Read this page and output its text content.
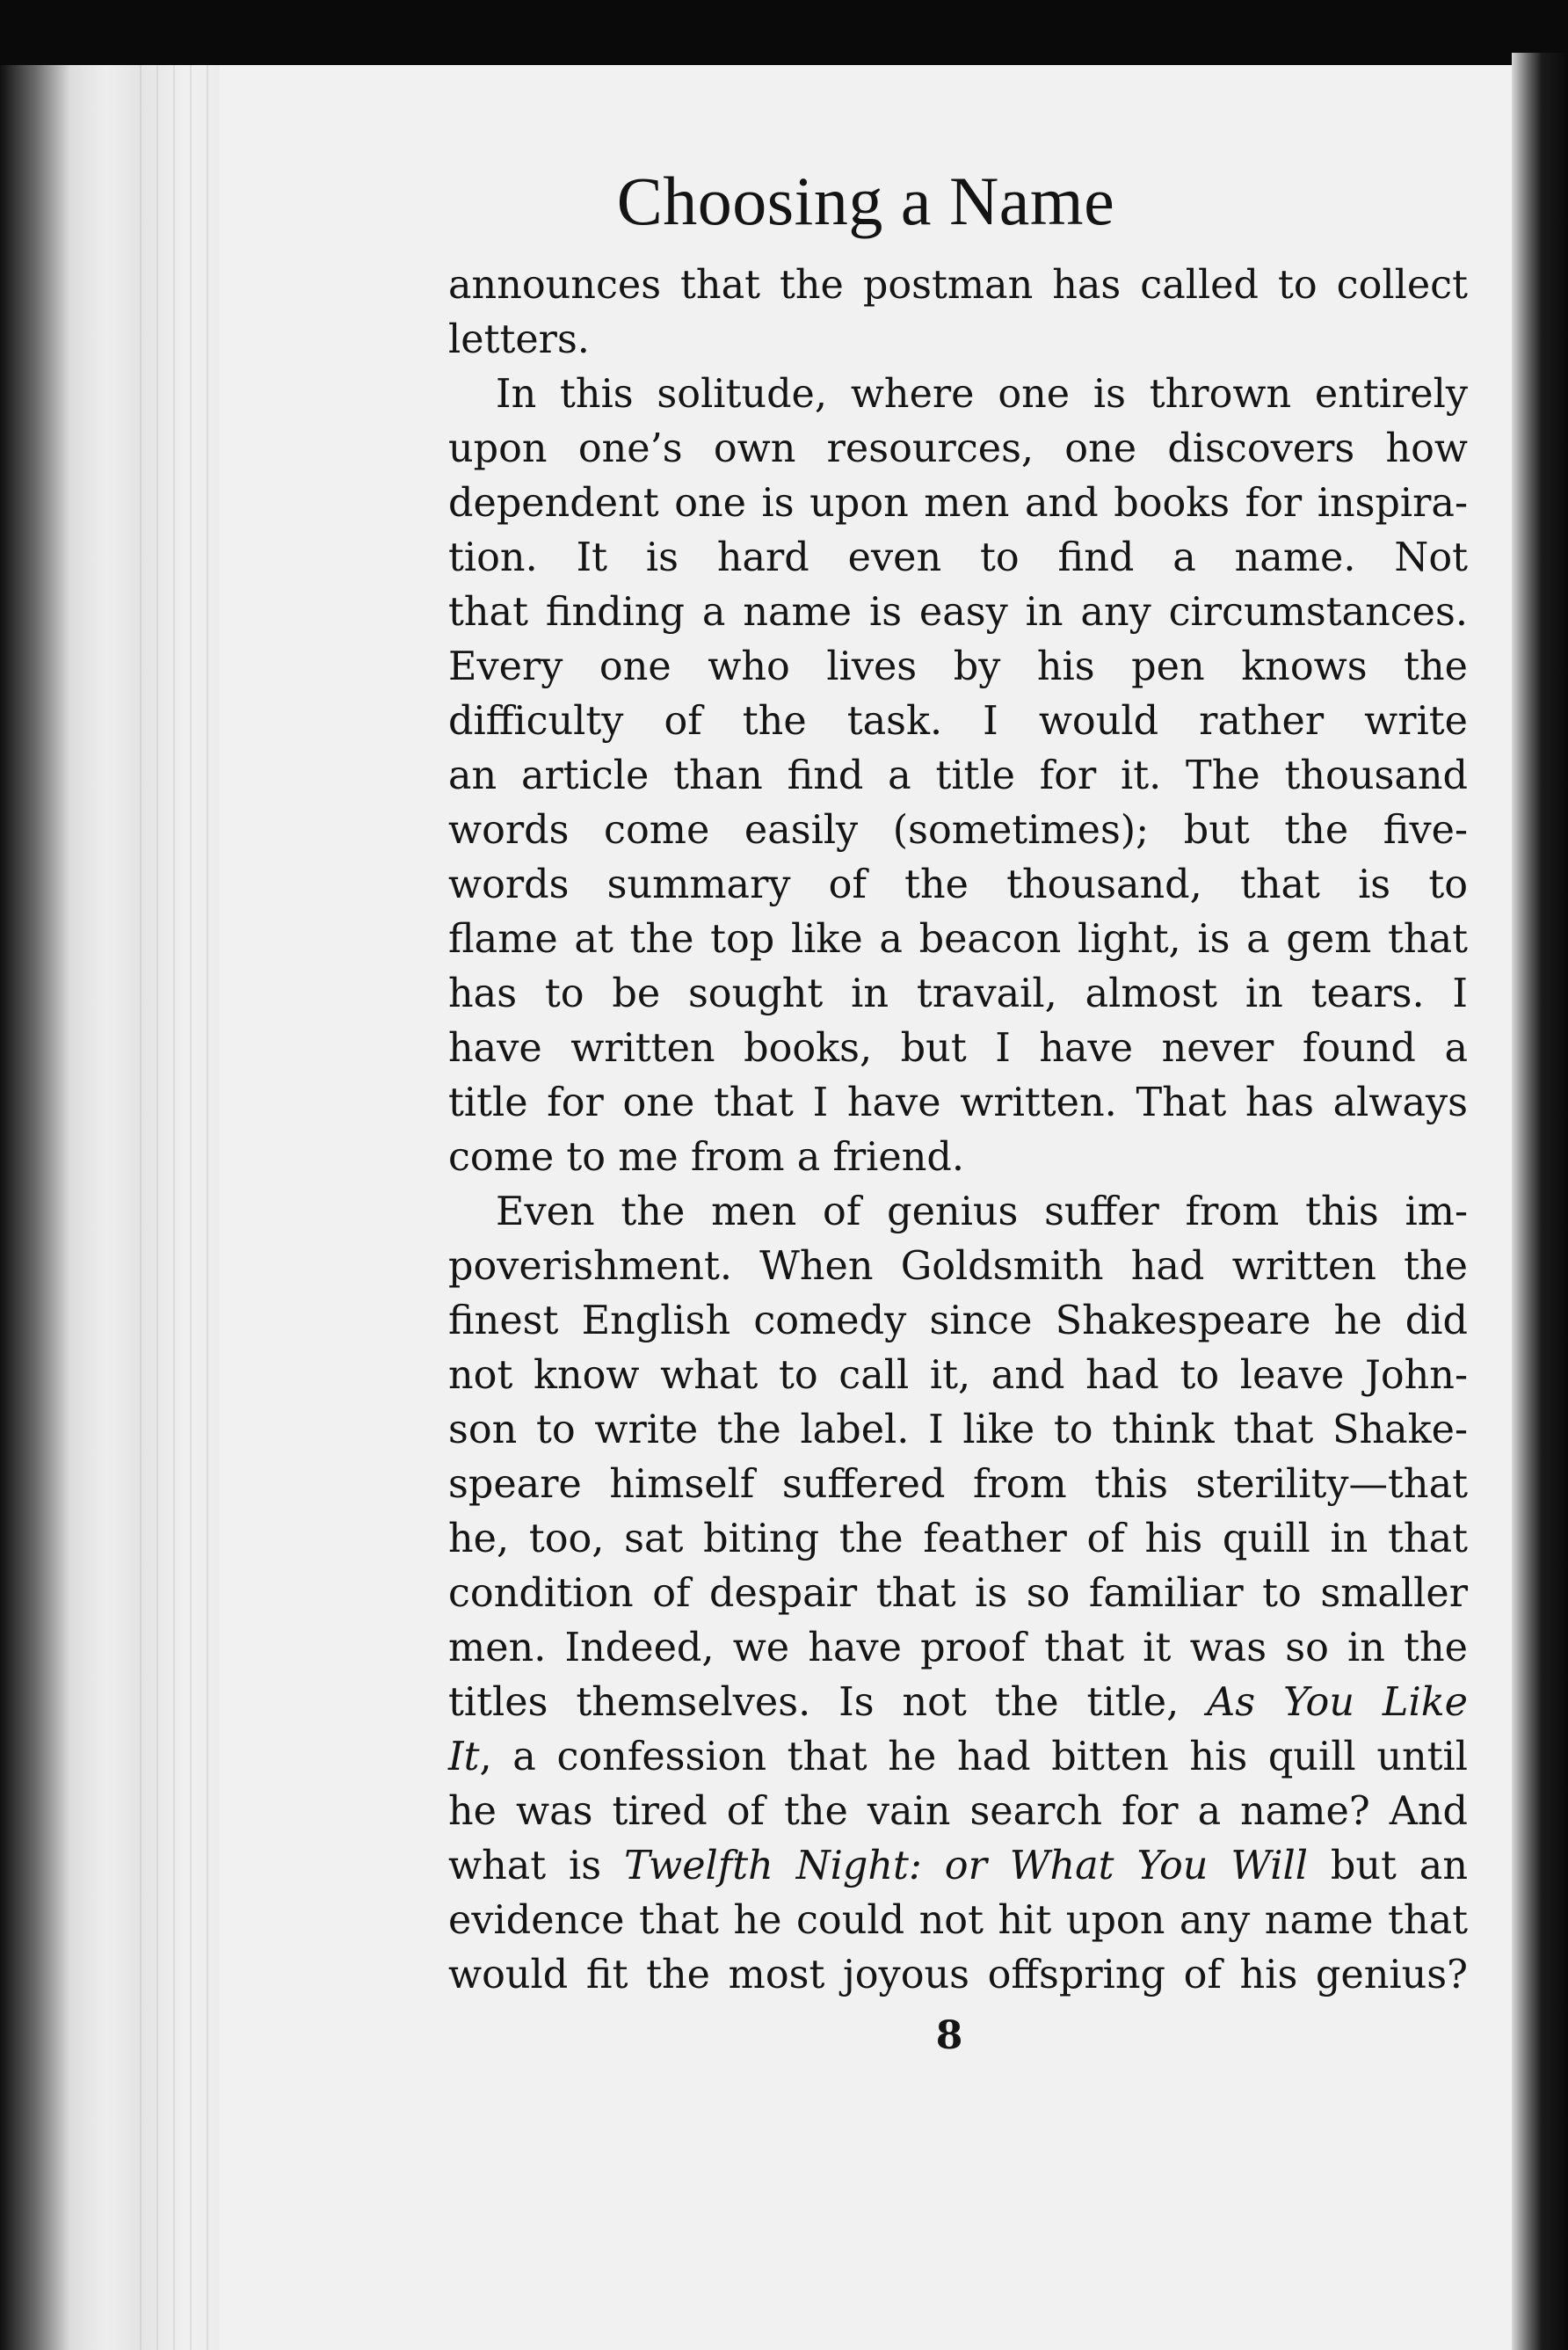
Choosing a Name
announces that the postman has called to collect
letters.
In this solitude, where one is thrown entirely
upon one’s own resources, one discovers how
dependent one is upon men and books for inspira-
tion. It is hard even to find a name. Not
that finding a name is easy in any circumstances.
Every one who lives by his pen knows the
difficulty of the task. I would rather write
an article than find a title for it. The thousand
words come easily (sometimes); but the five-
words summary of the thousand, that is to
flame at the top like a beacon light, is a gem that
has to be sought in travail, almost in tears. I
have written books, but I have never found a
title for one that I have written. That has always
come to me from a friend.
Even the men of genius suffer from this im-
poverishment. When Goldsmith had written the
finest English comedy since Shakespeare he did
not know what to call it, and had to leave John-
son to write the label. I like to think that Shake-
speare himself suffered from this sterility—that
he, too, sat biting the feather of his quill in that
condition of despair that is so familiar to smaller
men. Indeed, we have proof that it was so in the
titles themselves. Is not the title, As You Like
It, a confession that he had bitten his quill until
he was tired of the vain search for a name? And
what is Twelfth Night: or What You Will but an
evidence that he could not hit upon any name that
would fit the most joyous offspring of his genius?
8
